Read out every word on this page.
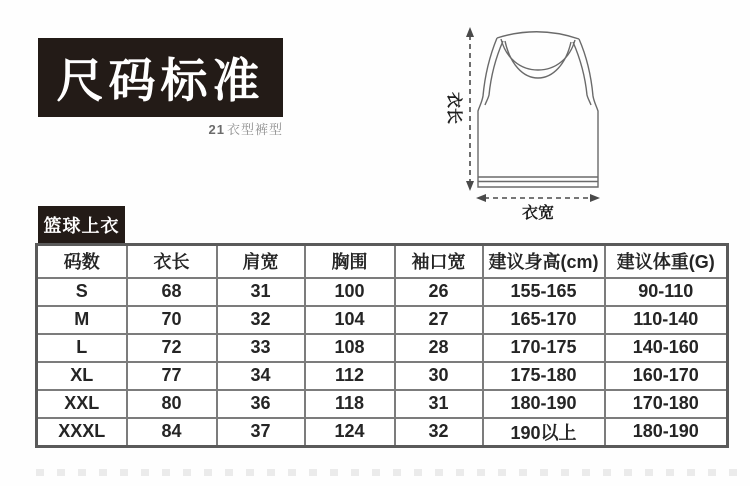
尺码标准
21 衣型裤型
衣长
衣宽
篮球上衣
码数	衣长	肩宽	胸围	袖口宽	建议身高(cm)	建议体重(G)
S	68	31	100	26	155-165	90-110
M	70	32	104	27	165-170	110-140
L	72	33	108	28	170-175	140-160
XL	77	34	112	30	175-180	160-170
XXL	80	36	118	31	180-190	170-180
XXXL	84	37	124	32	190以上	180-190
